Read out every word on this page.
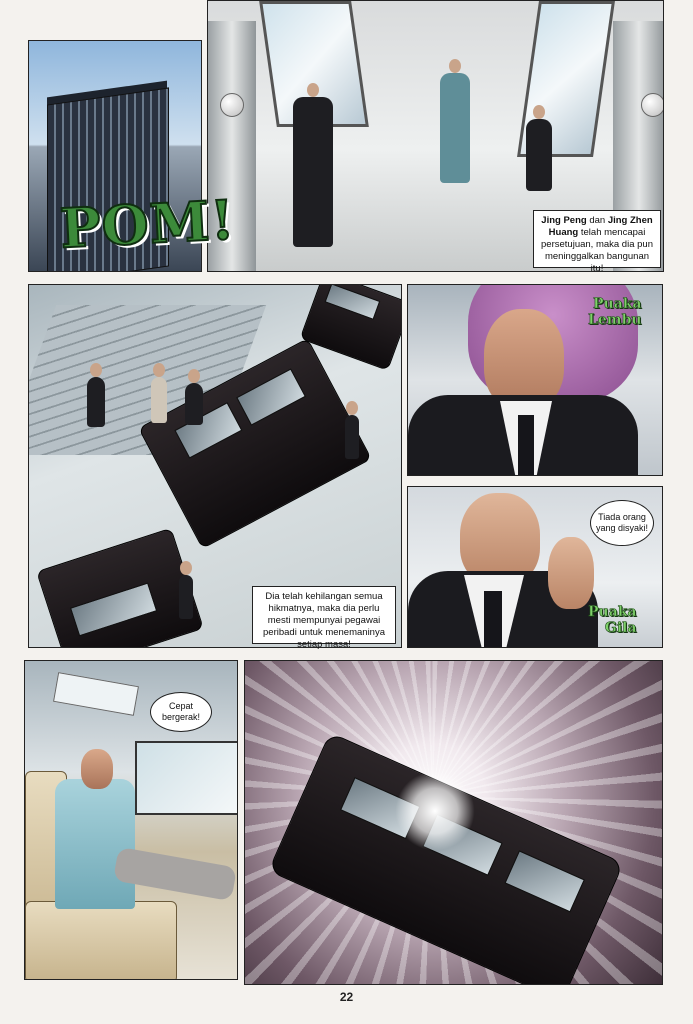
POM!	Jing Peng dan Jing Zhen Huang telah mencapai persetujuan, maka dia pun meninggalkan bangunan itu!
Dia telah kehilangan semua hikmatnya, maka dia perlu mesti mempunyai pegawai peribadi untuk menemaninya setiap masa!
Puaka
Lembu
Tiada orang yang disyaki!
Puaka
Gila
Cepat bergerak!
22
